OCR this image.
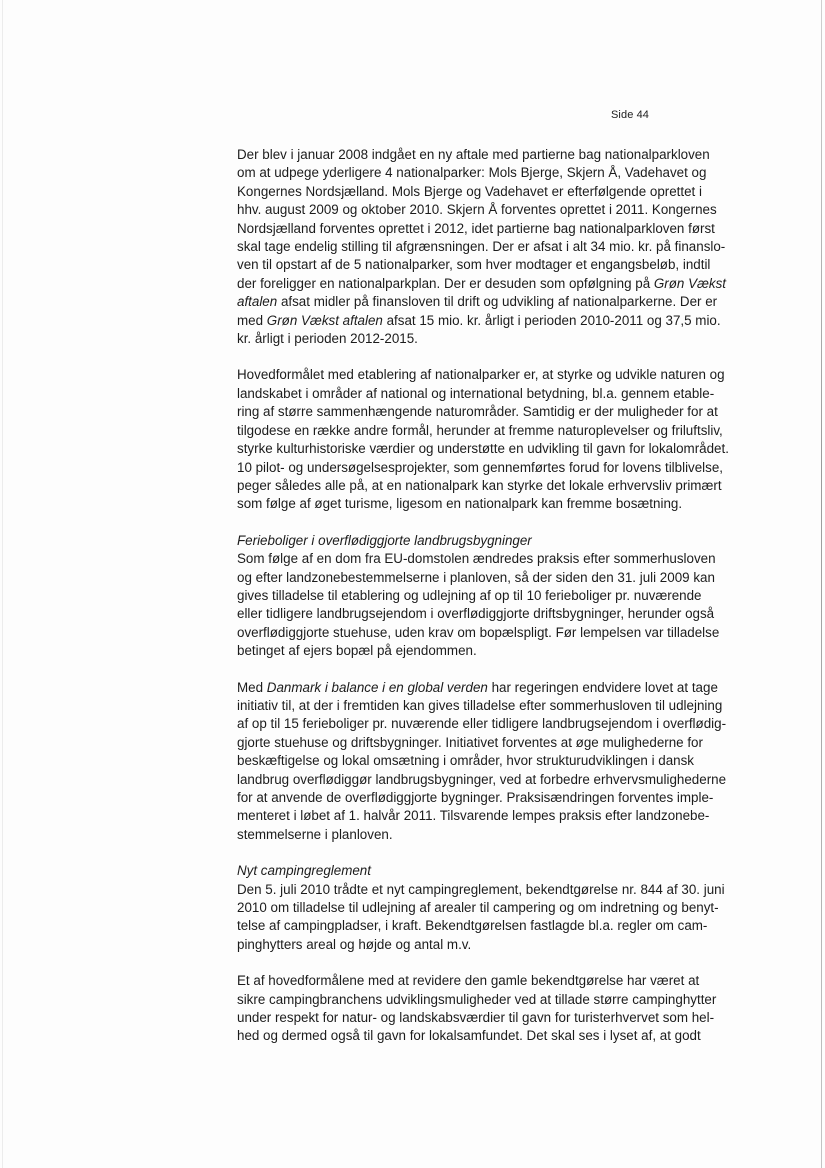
Side 44

Der blev i januar 2008 indgået en ny aftale med partierne bag nationalparkloven
om at udpege yderligere 4 nationalparker: Mols Bjerge, Skjern Å, Vadehavet og
Kongernes Nordsjælland. Mols Bjerge og Vadehavet er efterfølgende oprettet i
hhv. august 2009 og oktober 2010. Skjern Å forventes oprettet i 2011. Kongernes
Nordsjælland forventes oprettet i 2012, idet partierne bag nationalparkloven først
skal tage endelig stilling til afgrænsningen. Der er afsat i alt 34 mio. kr. på finanslo-
ven til opstart af de 5 nationalparker, som hver modtager et engangsbeløb, indtil
der foreligger en nationalparkplan. Der er desuden som opfølgning på Grøn Vækst
aftalen afsat midler på finansloven til drift og udvikling af nationalparkerne. Der er
med Grøn Vækst aftalen afsat 15 mio. kr. årligt i perioden 2010-2011 og 37,5 mio.
kr. årligt i perioden 2012-2015.

Hovedformålet med etablering af nationalparker er, at styrke og udvikle naturen og
landskabet i områder af national og international betydning, bl.a. gennem etable-
ring af større sammenhængende naturområder. Samtidig er der muligheder for at
tilgodese en række andre formål, herunder at fremme naturoplevelser og friluftsliv,
styrke kulturhistoriske værdier og understøtte en udvikling til gavn for lokalområdet.
10 pilot- og undersøgelsesprojekter, som gennemførtes forud for lovens tilblivelse,
peger således alle på, at en nationalpark kan styrke det lokale erhvervsliv primært
som følge af øget turisme, ligesom en nationalpark kan fremme bosætning.

Ferieboliger i overflødiggjorte landbrugsbygninger
Som følge af en dom fra EU-domstolen ændredes praksis efter sommerhusloven
og efter landzonebestemmelserne i planloven, så der siden den 31. juli 2009 kan
gives tilladelse til etablering og udlejning af op til 10 ferieboliger pr. nuværende
eller tidligere landbrugsejendom i overflødiggjorte driftsbygninger, herunder også
overflødiggjorte stuehuse, uden krav om bopælspligt. Før lempelsen var tilladelse
betinget af ejers bopæl på ejendommen.

Med Danmark i balance i en global verden har regeringen endvidere lovet at tage
initiativ til, at der i fremtiden kan gives tilladelse efter sommerhusloven til udlejning
af op til 15 ferieboliger pr. nuværende eller tidligere landbrugsejendom i overflødig-
gjorte stuehuse og driftsbygninger. Initiativet forventes at øge mulighederne for
beskæftigelse og lokal omsætning i områder, hvor strukturudviklingen i dansk
landbrug overflødiggør landbrugsbygninger, ved at forbedre erhvervsmulighederne
for at anvende de overflødiggjorte bygninger. Praksisændringen forventes imple-
menteret i løbet af 1. halvår 2011. Tilsvarende lempes praksis efter landzonebe-
stemmelserne i planloven.

Nyt campingreglement
Den 5. juli 2010 trådte et nyt campingreglement, bekendtgørelse nr. 844 af 30. juni
2010 om tilladelse til udlejning af arealer til campering og om indretning og benyt-
telse af campingpladser, i kraft. Bekendtgørelsen fastlagde bl.a. regler om cam-
pinghytters areal og højde og antal m.v.

Et af hovedformålene med at revidere den gamle bekendtgørelse har været at
sikre campingbranchens udviklingsmuligheder ved at tillade større campinghytter
under respekt for natur- og landskabsværdier til gavn for turisterhvervet som hel-
hed og dermed også til gavn for lokalsamfundet. Det skal ses i lyset af, at godt
